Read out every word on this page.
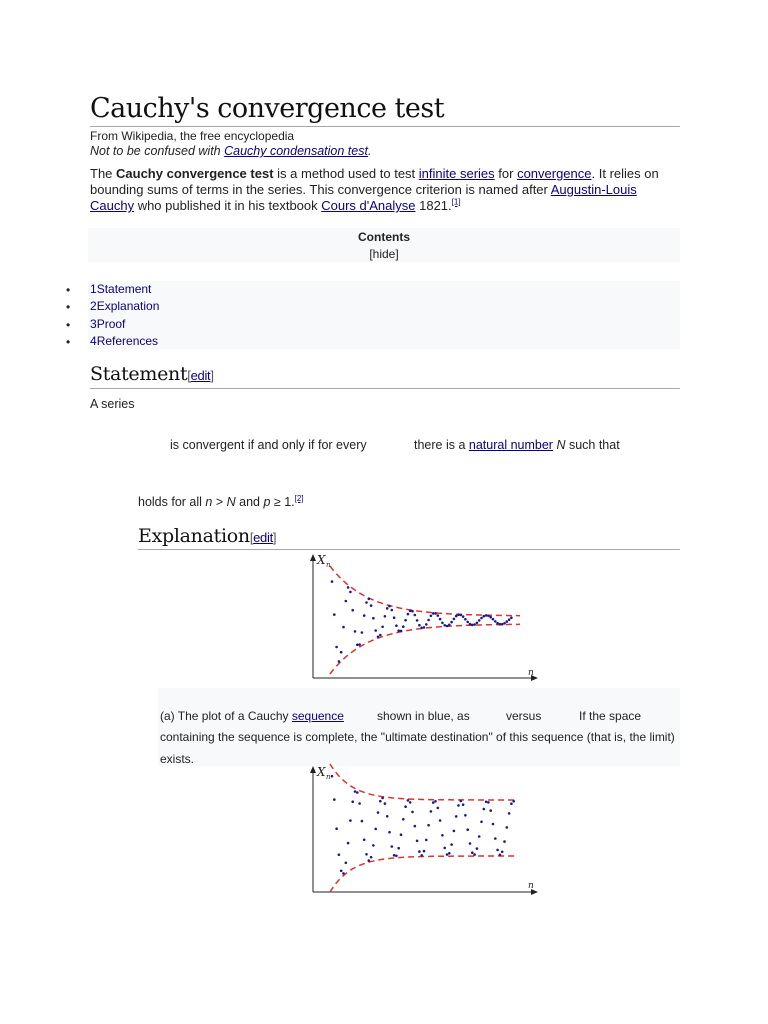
Cauchy's convergence test
From Wikipedia, the free encyclopedia
Not to be confused with Cauchy condensation test.
The Cauchy convergence test is a method used to test infinite series for convergence. It relies on bounding sums of terms in the series. This convergence criterion is named after Augustin-Louis Cauchy who published it in his textbook Cours d'Analyse 1821.[1]
Contents
[hide]
• 1Statement
• 2Explanation
• 3Proof
• 4References
Statement[edit]
A series
is convergent if and only if for every	there is a natural number N such that
holds for all n > N and p ≥ 1.[2]
Explanation[edit]
X n
n
(a) The plot of a Cauchy sequence	shown in blue, as	versus	If the space
containing the sequence is complete, the "ultimate destination" of this sequence (that is, the limit)
exists.
X n
n
